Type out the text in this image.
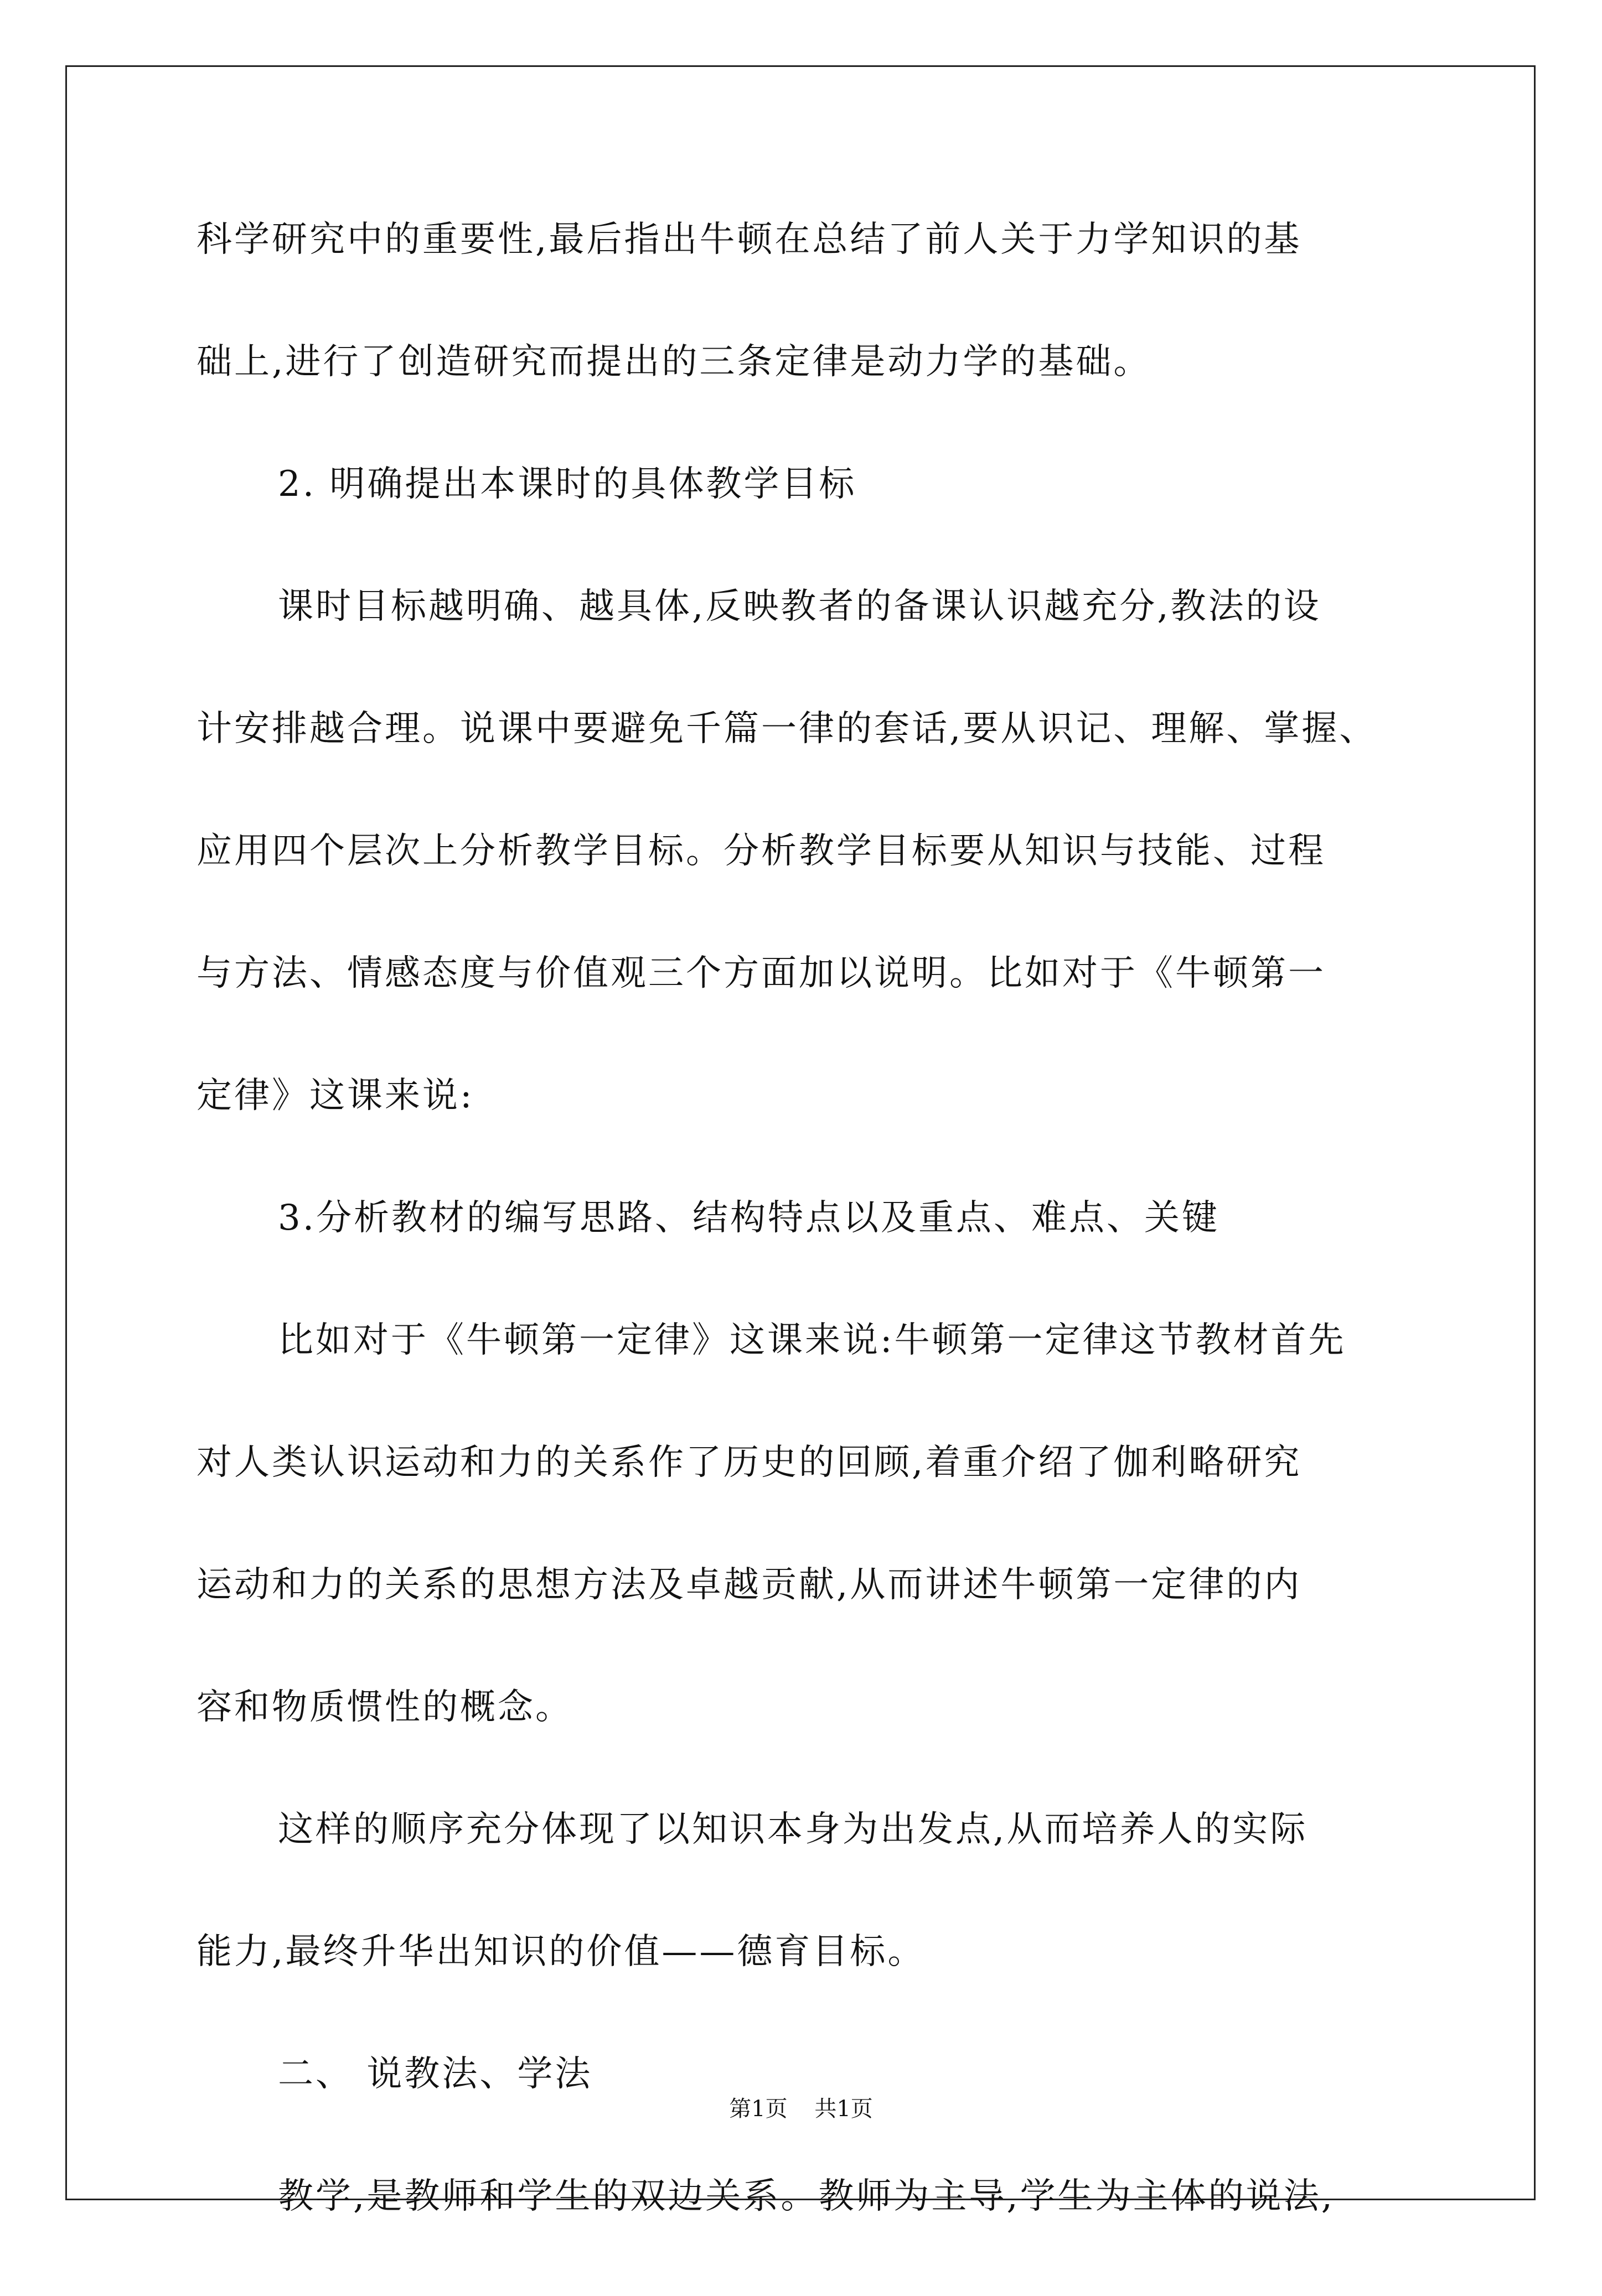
科学研究中的重要性,最后指出牛顿在总结了前人关于力学知识的基
础上,进行了创造研究而提出的三条定律是动力学的基础。
2. 明确提出本课时的具体教学目标
课时目标越明确、越具体,反映教者的备课认识越充分,教法的设
计安排越合理。说课中要避免千篇一律的套话,要从识记、理解、掌握、
应用四个层次上分析教学目标。分析教学目标要从知识与技能、过程
与方法、情感态度与价值观三个方面加以说明。比如对于《牛顿第一
定律》这课来说:
3.分析教材的编写思路、结构特点以及重点、难点、关键
比如对于《牛顿第一定律》这课来说:牛顿第一定律这节教材首先
对人类认识运动和力的关系作了历史的回顾,着重介绍了伽利略研究
运动和力的关系的思想方法及卓越贡献,从而讲述牛顿第一定律的内
容和物质惯性的概念。
这样的顺序充分体现了以知识本身为出发点,从而培养人的实际
能力,最终升华出知识的价值——德育目标。
二、 说教法、学法
教学,是教师和学生的双边关系。教师为主导,学生为主体的说法,
第1页 共1页
